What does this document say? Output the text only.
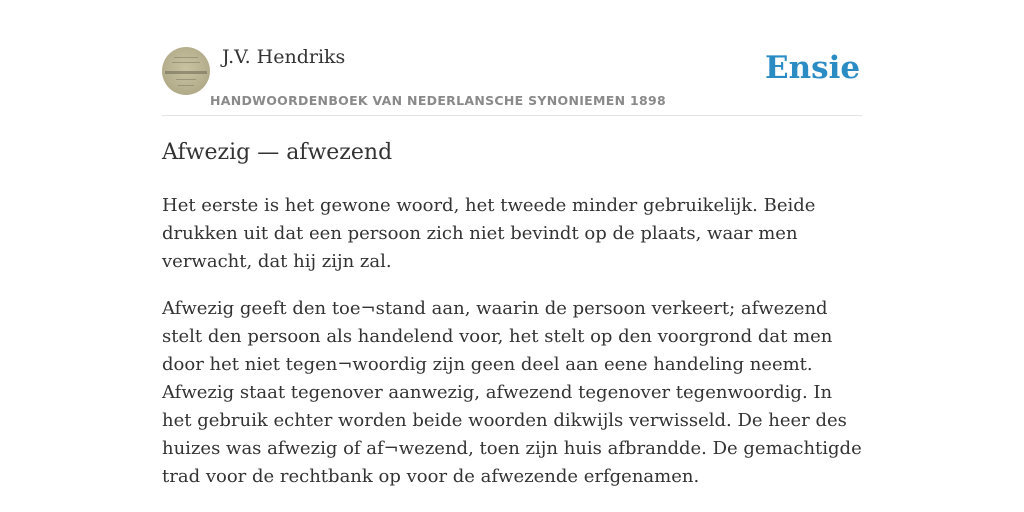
J.V. Hendriks
HANDWOORDENBOEK VAN NEDERLANSCHE SYNONIEMEN 1898
Ensie
Afwezig — afwezend

Het eerste is het gewone woord, het tweede minder gebruikelijk. Beide drukken uit dat een persoon zich niet bevindt op de plaats, waar men verwacht, dat hij zijn zal.

Afwezig geeft den toe¬stand aan, waarin de persoon verkeert; afwezend stelt den persoon als handelend voor, het stelt op den voorgrond dat men door het niet tegen¬woordig zijn geen deel aan eene handeling neemt. Afwezig staat tegenover aanwezig, afwezend tegenover tegenwoordig. In het gebruik echter worden beide woorden dikwijls verwisseld. De heer des huizes was afwezig of af¬wezend, toen zijn huis afbrandde. De gemachtigde trad voor de rechtbank op voor de afwezende erfgenamen.
